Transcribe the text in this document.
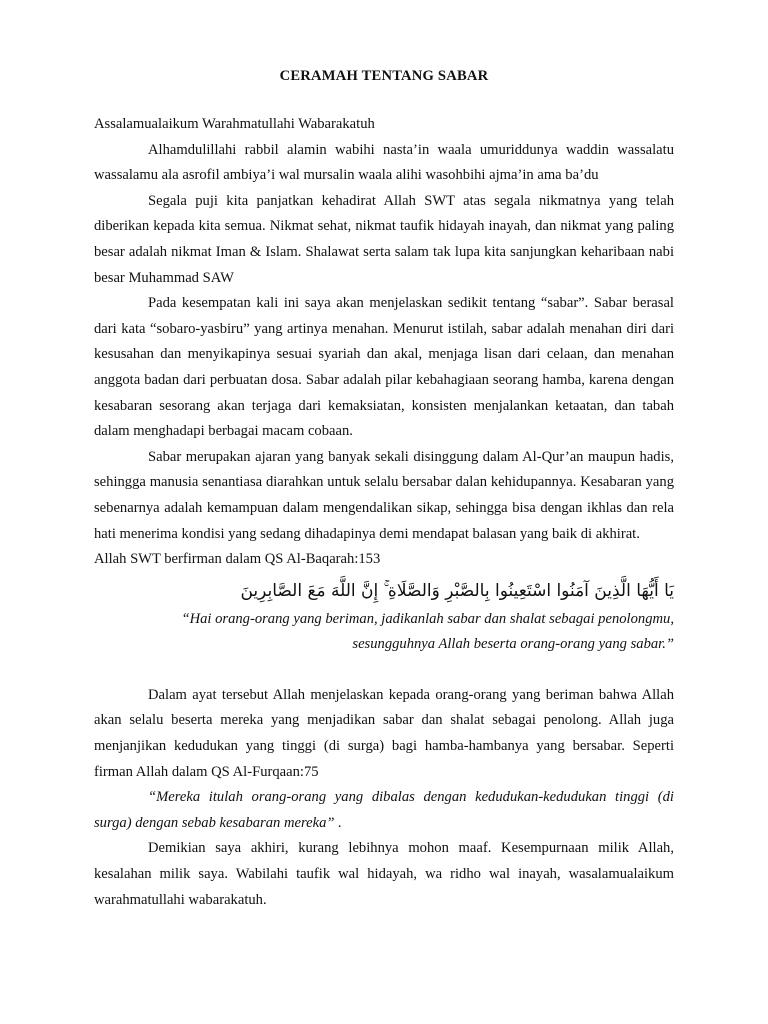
CERAMAH TENTANG SABAR

Assalamualaikum Warahmatullahi Wabarakatuh

Alhamdulillahi rabbil alamin wabihi nasta’in waala umuriddunya waddin wassalatu wassalamu ala asrofil ambiya’i wal mursalin waala alihi wasohbihi ajma’in ama ba’du

Segala puji kita panjatkan kehadirat Allah SWT atas segala nikmatnya yang telah diberikan kepada kita semua. Nikmat sehat, nikmat taufik hidayah inayah, dan nikmat yang paling besar adalah nikmat Iman & Islam. Shalawat serta salam tak lupa kita sanjungkan keharibaan nabi besar Muhammad SAW

Pada kesempatan kali ini saya akan menjelaskan sedikit tentang “sabar”. Sabar berasal dari kata “sobaro-yasbiru” yang artinya menahan. Menurut istilah, sabar adalah menahan diri dari kesusahan dan menyikapinya sesuai syariah dan akal, menjaga lisan dari celaan, dan menahan anggota badan dari perbuatan dosa. Sabar adalah pilar kebahagiaan seorang hamba, karena dengan kesabaran sesorang akan terjaga dari kemaksiatan, konsisten menjalankan ketaatan, dan tabah dalam menghadapi berbagai macam cobaan.

Sabar merupakan ajaran yang banyak sekali disinggung dalam Al-Qur’an maupun hadis, sehingga manusia senantiasa diarahkan untuk selalu bersabar dalan kehidupannya. Kesabaran yang sebenarnya adalah kemampuan dalam mengendalikan sikap, sehingga bisa dengan ikhlas dan rela hati menerima kondisi yang sedang dihadapinya demi mendapat balasan yang baik di akhirat.

Allah SWT berfirman dalam QS Al-Baqarah:153

يَا أَيُّهَا الَّذِينَ آمَنُوا اسْتَعِينُوا بِالصَّبْرِ وَالصَّلَاةِ ۚ إِنَّ اللَّهَ مَعَ الصَّابِرِينَ

“Hai orang-orang yang beriman, jadikanlah sabar dan shalat sebagai penolongmu,
sesungguhnya Allah beserta orang-orang yang sabar.”

Dalam ayat tersebut Allah menjelaskan kepada orang-orang yang beriman bahwa Allah akan selalu beserta mereka yang menjadikan sabar dan shalat sebagai penolong. Allah juga menjanjikan kedudukan yang tinggi (di surga) bagi hamba-hambanya yang bersabar. Seperti firman Allah dalam QS Al-Furqaan:75

“Mereka itulah orang-orang yang dibalas dengan kedudukan-kedudukan tinggi (di surga) dengan sebab kesabaran mereka” .

Demikian saya akhiri, kurang lebihnya mohon maaf. Kesempurnaan milik Allah, kesalahan milik saya. Wabilahi taufik wal hidayah, wa ridho wal inayah, wasalamualaikum warahmatullahi wabarakatuh.
